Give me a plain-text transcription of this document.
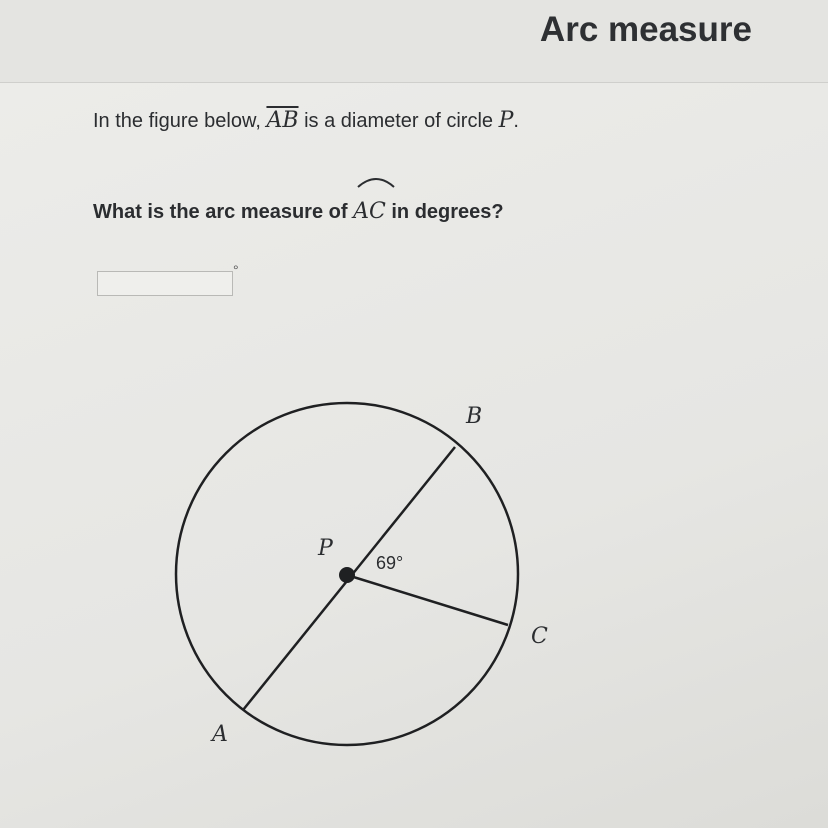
Arc measure
In the figure below, $\overline{AB}$ is a diameter of circle P.
What is the arc measure of
AC in degrees?
°
P
69°
B
C
A
